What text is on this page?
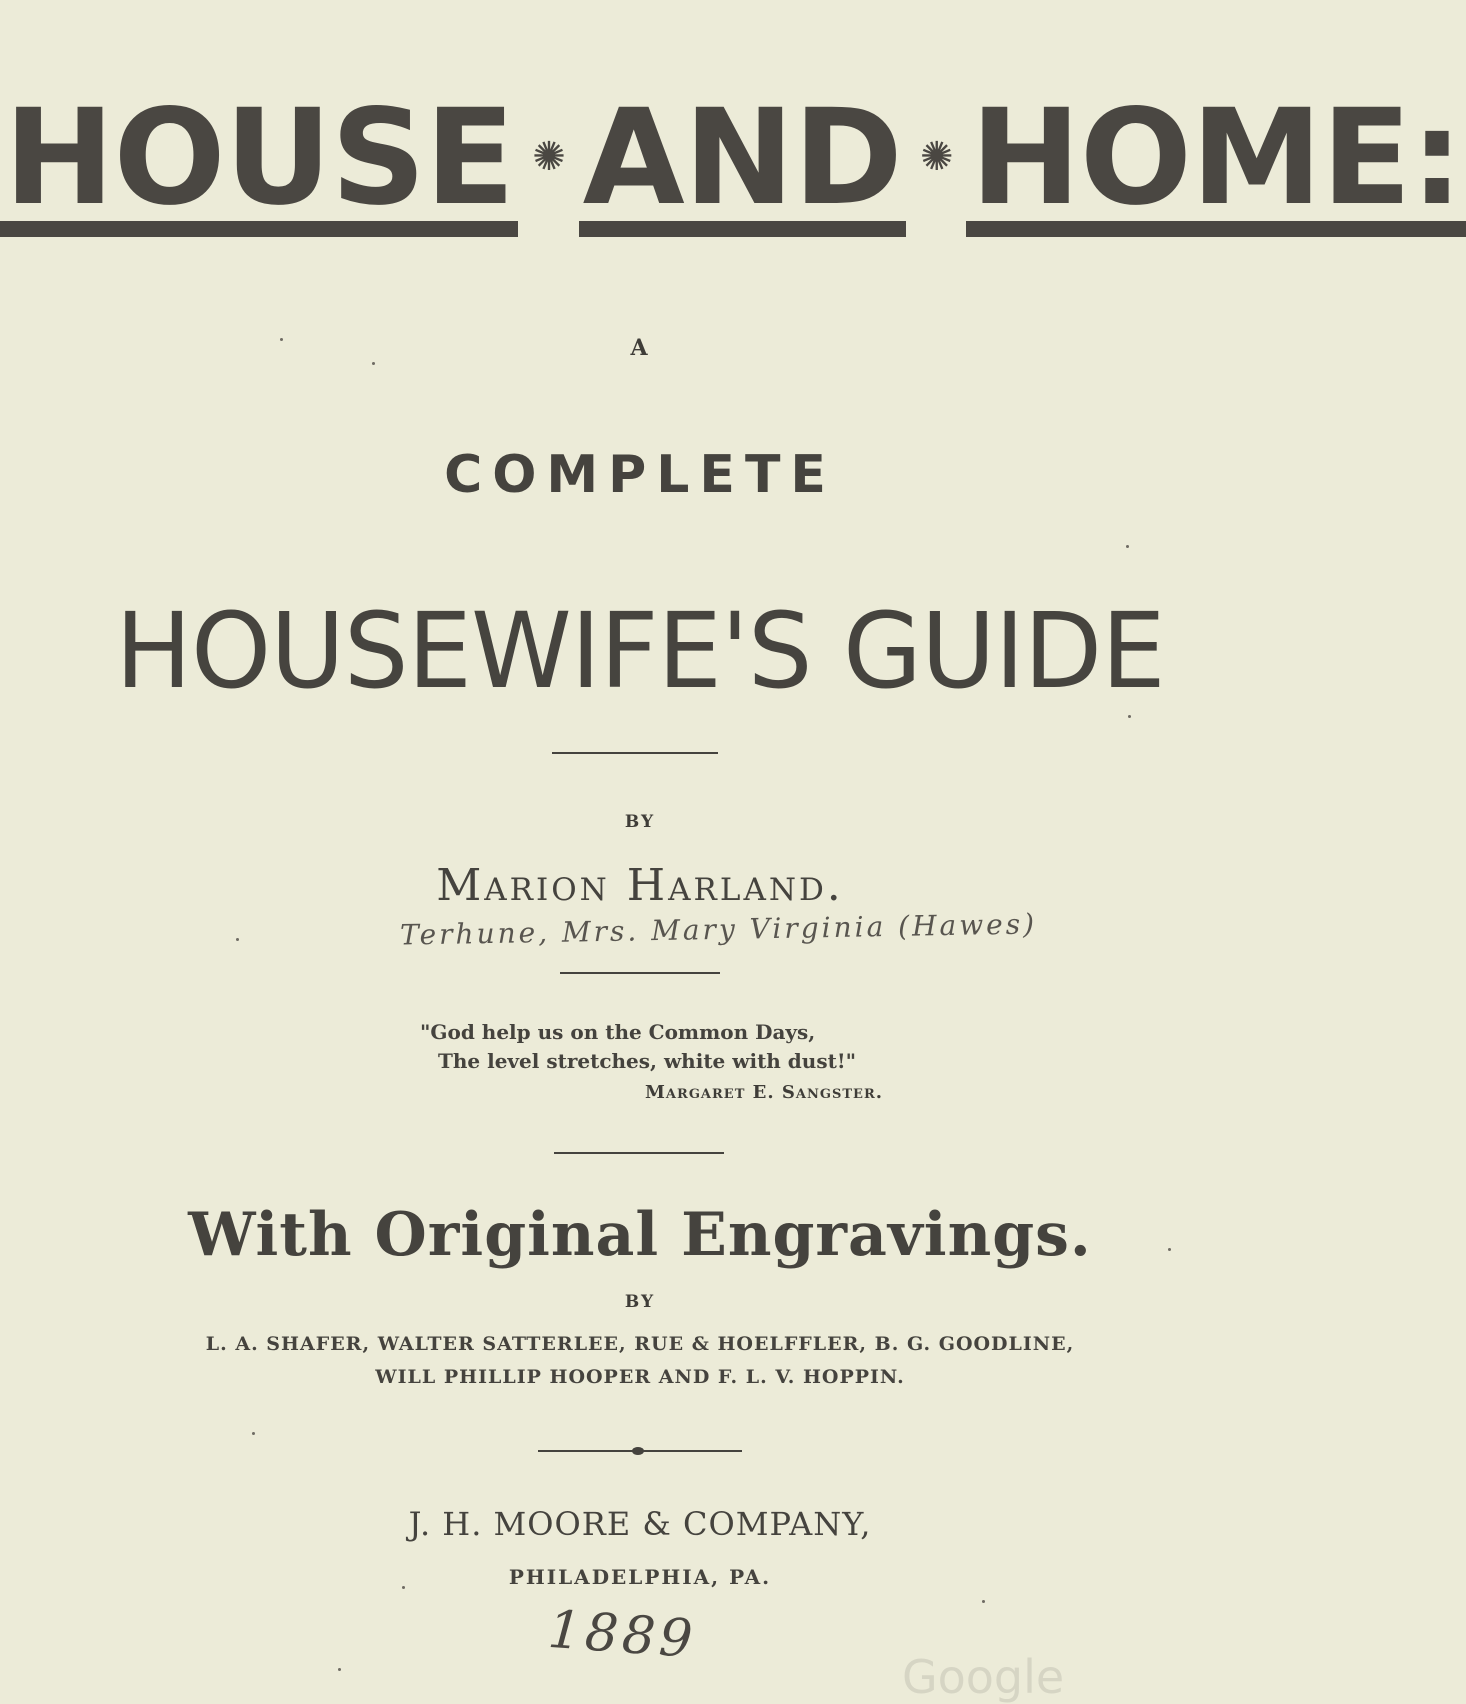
HOUSE ✺ AND ✺ HOME:
A
COMPLETE
HOUSEWIFE'S GUIDE
BY
Marion Harland.
Terhune, Mrs. Mary Virginia (Hawes)
"God help us on the Common Days,
The level stretches, white with dust!"
Margaret E. Sangster.
With Original Engravings.
BY
L. A. SHAFER, WALTER SATTERLEE, RUE & HOELFFLER, B. G. GOODLINE,
WILL PHILLIP HOOPER AND F. L. V. HOPPIN.
J. H. MOORE & COMPANY,
PHILADELPHIA, PA.
1889
Google
